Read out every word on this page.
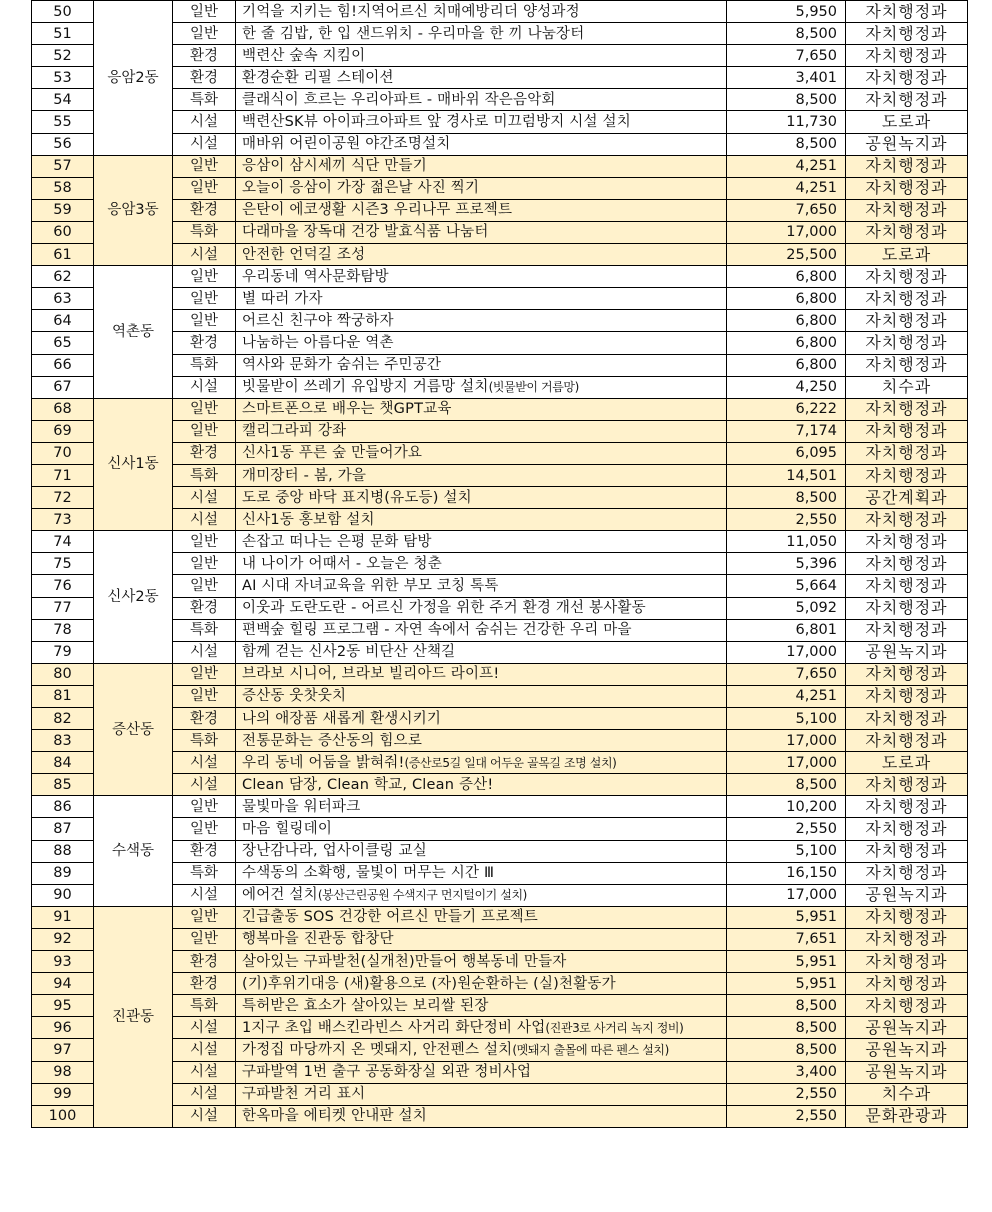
50	응암2동	일반	기억을 지키는 힘!지역어르신 치매예방리더 양성과정	5,950	자치행정과
51		일반	한 줄 김밥, 한 입 샌드위치 - 우리마을 한 끼 나눔장터	8,500	자치행정과
52		환경	백련산 숲속 지킴이	7,650	자치행정과
53		환경	환경순환 리필 스테이션	3,401	자치행정과
54		특화	클래식이 흐르는 우리아파트 - 매바위 작은음악회	8,500	자치행정과
55		시설	백련산SK뷰 아이파크아파트 앞 경사로 미끄럼방지 시설 설치	11,730	도로과
56		시설	매바위 어린이공원 야간조명설치	8,500	공원녹지과
57	응암3동	일반	응삼이 삼시세끼 식단 만들기	4,251	자치행정과
58		일반	오늘이 응삼이 가장 젊은날 사진 찍기	4,251	자치행정과
59		환경	은탄이 에코생활 시즌3 우리나무 프로젝트	7,650	자치행정과
60		특화	다래마을 장독대 건강 발효식품 나눔터	17,000	자치행정과
61		시설	안전한 언덕길 조성	25,500	도로과
62	역촌동	일반	우리동네 역사문화탐방	6,800	자치행정과
63		일반	별 따러 가자	6,800	자치행정과
64		일반	어르신 친구야 짝궁하자	6,800	자치행정과
65		환경	나눔하는 아름다운 역촌	6,800	자치행정과
66		특화	역사와 문화가 숨쉬는 주민공간	6,800	자치행정과
67		시설	빗물받이 쓰레기 유입방지 거름망 설치(빗물받이 거름망)	4,250	치수과
68	신사1동	일반	스마트폰으로 배우는 챗GPT교육	6,222	자치행정과
69		일반	캘리그라피 강좌	7,174	자치행정과
70		환경	신사1동 푸른 숲 만들어가요	6,095	자치행정과
71		특화	개미장터 - 봄, 가을	14,501	자치행정과
72		시설	도로 중앙 바닥 표지병(유도등) 설치	8,500	공간계획과
73		시설	신사1동 홍보함 설치	2,550	자치행정과
74	신사2동	일반	손잡고 떠나는 은평 문화 탐방	11,050	자치행정과
75		일반	내 나이가 어때서 - 오늘은 청춘	5,396	자치행정과
76		일반	AI 시대 자녀교육을 위한 부모 코칭 톡톡	5,664	자치행정과
77		환경	이웃과 도란도란 - 어르신 가정을 위한 주거 환경 개선 봉사활동	5,092	자치행정과
78		특화	편백숲 힐링 프로그램 - 자연 속에서 숨쉬는 건강한 우리 마을	6,801	자치행정과
79		시설	함께 걷는 신사2동 비단산 산책길	17,000	공원녹지과
80	증산동	일반	브라보 시니어, 브라보 빌리아드 라이프!	7,650	자치행정과
81		일반	증산동 웃찻웃치	4,251	자치행정과
82		환경	나의 애장품 새롭게 환생시키기	5,100	자치행정과
83		특화	전통문화는 증산동의 힘으로	17,000	자치행정과
84		시설	우리 동네 어둠을 밝혀줘!(증산로5길 일대 어두운 골목길 조명 설치)	17,000	도로과
85		시설	Clean 담장, Clean 학교, Clean 증산!	8,500	자치행정과
86	수색동	일반	물빛마을 워터파크	10,200	자치행정과
87		일반	마음 힐링데이	2,550	자치행정과
88		환경	장난감나라, 업사이클링 교실	5,100	자치행정과
89		특화	수색동의 소확행, 물빛이 머무는 시간 Ⅲ	16,150	자치행정과
90		시설	에어건 설치(봉산근린공원 수색지구 먼지털이기 설치)	17,000	공원녹지과
91	진관동	일반	긴급출동 SOS 건강한 어르신 만들기 프로젝트	5,951	자치행정과
92		일반	행복마을 진관동 합창단	7,651	자치행정과
93		환경	살아있는 구파발천(실개천)만들어 행복동네 만들자	5,951	자치행정과
94		환경	(기)후위기대응 (새)활용으로 (자)원순환하는 (실)천활동가	5,951	자치행정과
95		특화	특허받은 효소가 살아있는 보리쌀 된장	8,500	자치행정과
96		시설	1지구 초입 배스킨라빈스 사거리 화단정비 사업(진관3로 사거리 녹지 정비)	8,500	공원녹지과
97		시설	가정집 마당까지 온 멧돼지, 안전펜스 설치(멧돼지 출몰에 따른 펜스 설치)	8,500	공원녹지과
98		시설	구파발역 1번 출구 공동화장실 외관 정비사업	3,400	공원녹지과
99		시설	구파발천 거리 표시	2,550	치수과
100		시설	한옥마을 에티켓 안내판 설치	2,550	문화관광과
